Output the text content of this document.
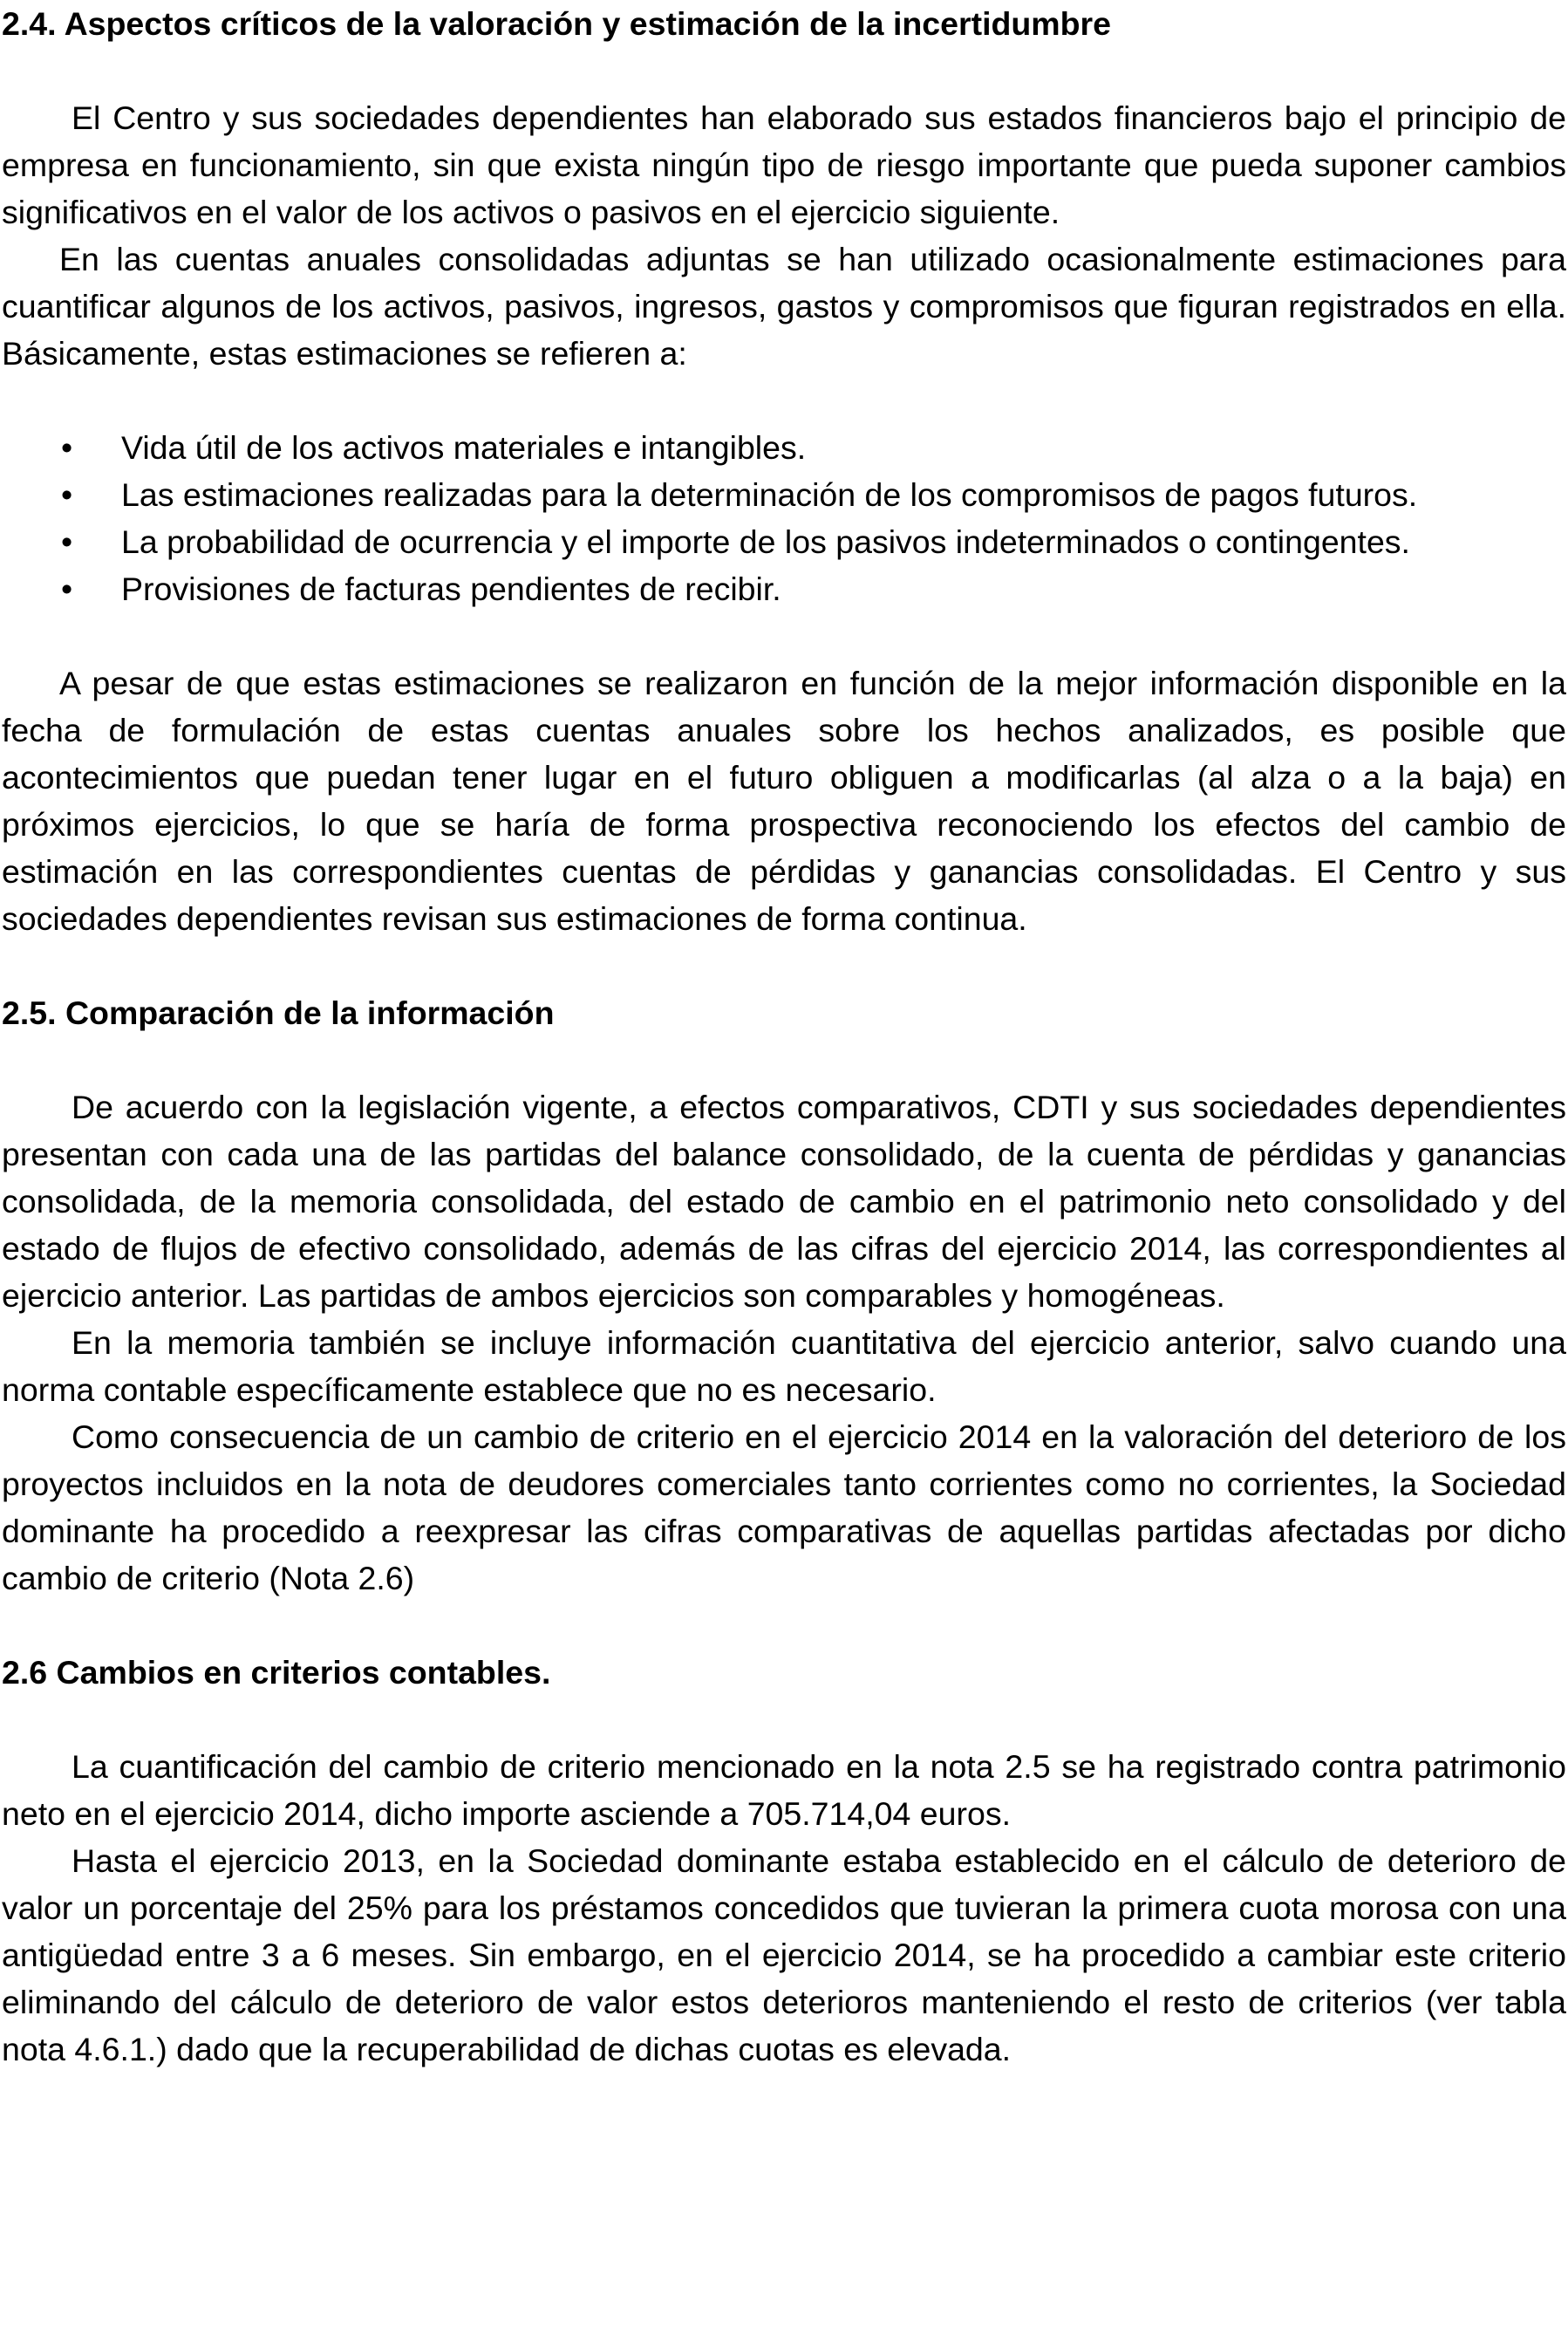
2.4. Aspectos críticos de la valoración y estimación de la incertidumbre

El Centro y sus sociedades dependientes han elaborado sus estados financieros bajo el principio de empresa en funcionamiento, sin que exista ningún tipo de riesgo importante que pueda suponer cambios significativos en el valor de los activos o pasivos en el ejercicio siguiente.

En las cuentas anuales consolidadas adjuntas se han utilizado ocasionalmente estimaciones para cuantificar algunos de los activos, pasivos, ingresos, gastos y compromisos que figuran registrados en ella. Básicamente, estas estimaciones se refieren a:

• Vida útil de los activos materiales e intangibles.
• Las estimaciones realizadas para la determinación de los compromisos de pagos futuros.
• La probabilidad de ocurrencia y el importe de los pasivos indeterminados o contingentes.
• Provisiones de facturas pendientes de recibir.

A pesar de que estas estimaciones se realizaron en función de la mejor información disponible en la fecha de formulación de estas cuentas anuales sobre los hechos analizados, es posible que acontecimientos que puedan tener lugar en el futuro obliguen a modificarlas (al alza o a la baja) en próximos ejercicios, lo que se haría de forma prospectiva reconociendo los efectos del cambio de estimación en las correspondientes cuentas de pérdidas y ganancias consolidadas. El Centro y sus sociedades dependientes revisan sus estimaciones de forma continua.

2.5. Comparación de la información

De acuerdo con la legislación vigente, a efectos comparativos, CDTI y sus sociedades dependientes presentan con cada una de las partidas del balance consolidado, de la cuenta de pérdidas y ganancias consolidada, de la memoria consolidada, del estado de cambio en el patrimonio neto consolidado y del estado de flujos de efectivo consolidado, además de las cifras del ejercicio 2014, las correspondientes al ejercicio anterior. Las partidas de ambos ejercicios son comparables y homogéneas.

En la memoria también se incluye información cuantitativa del ejercicio anterior, salvo cuando una norma contable específicamente establece que no es necesario.

Como consecuencia de un cambio de criterio en el ejercicio 2014 en la valoración del deterioro de los proyectos incluidos en la nota de deudores comerciales tanto corrientes como no corrientes, la Sociedad dominante ha procedido a reexpresar las cifras comparativas de aquellas partidas afectadas por dicho cambio de criterio (Nota 2.6)

2.6 Cambios en criterios contables.

La cuantificación del cambio de criterio mencionado en la nota 2.5 se ha registrado contra patrimonio neto en el ejercicio 2014, dicho importe asciende a 705.714,04 euros.

Hasta el ejercicio 2013, en la Sociedad dominante estaba establecido en el cálculo de deterioro de valor un porcentaje del 25% para los préstamos concedidos que tuvieran la primera cuota morosa con una antigüedad entre 3 a 6 meses. Sin embargo, en el ejercicio 2014, se ha procedido a cambiar este criterio eliminando del cálculo de deterioro de valor estos deterioros manteniendo el resto de criterios (ver tabla nota 4.6.1.) dado que la recuperabilidad de dichas cuotas es elevada.
